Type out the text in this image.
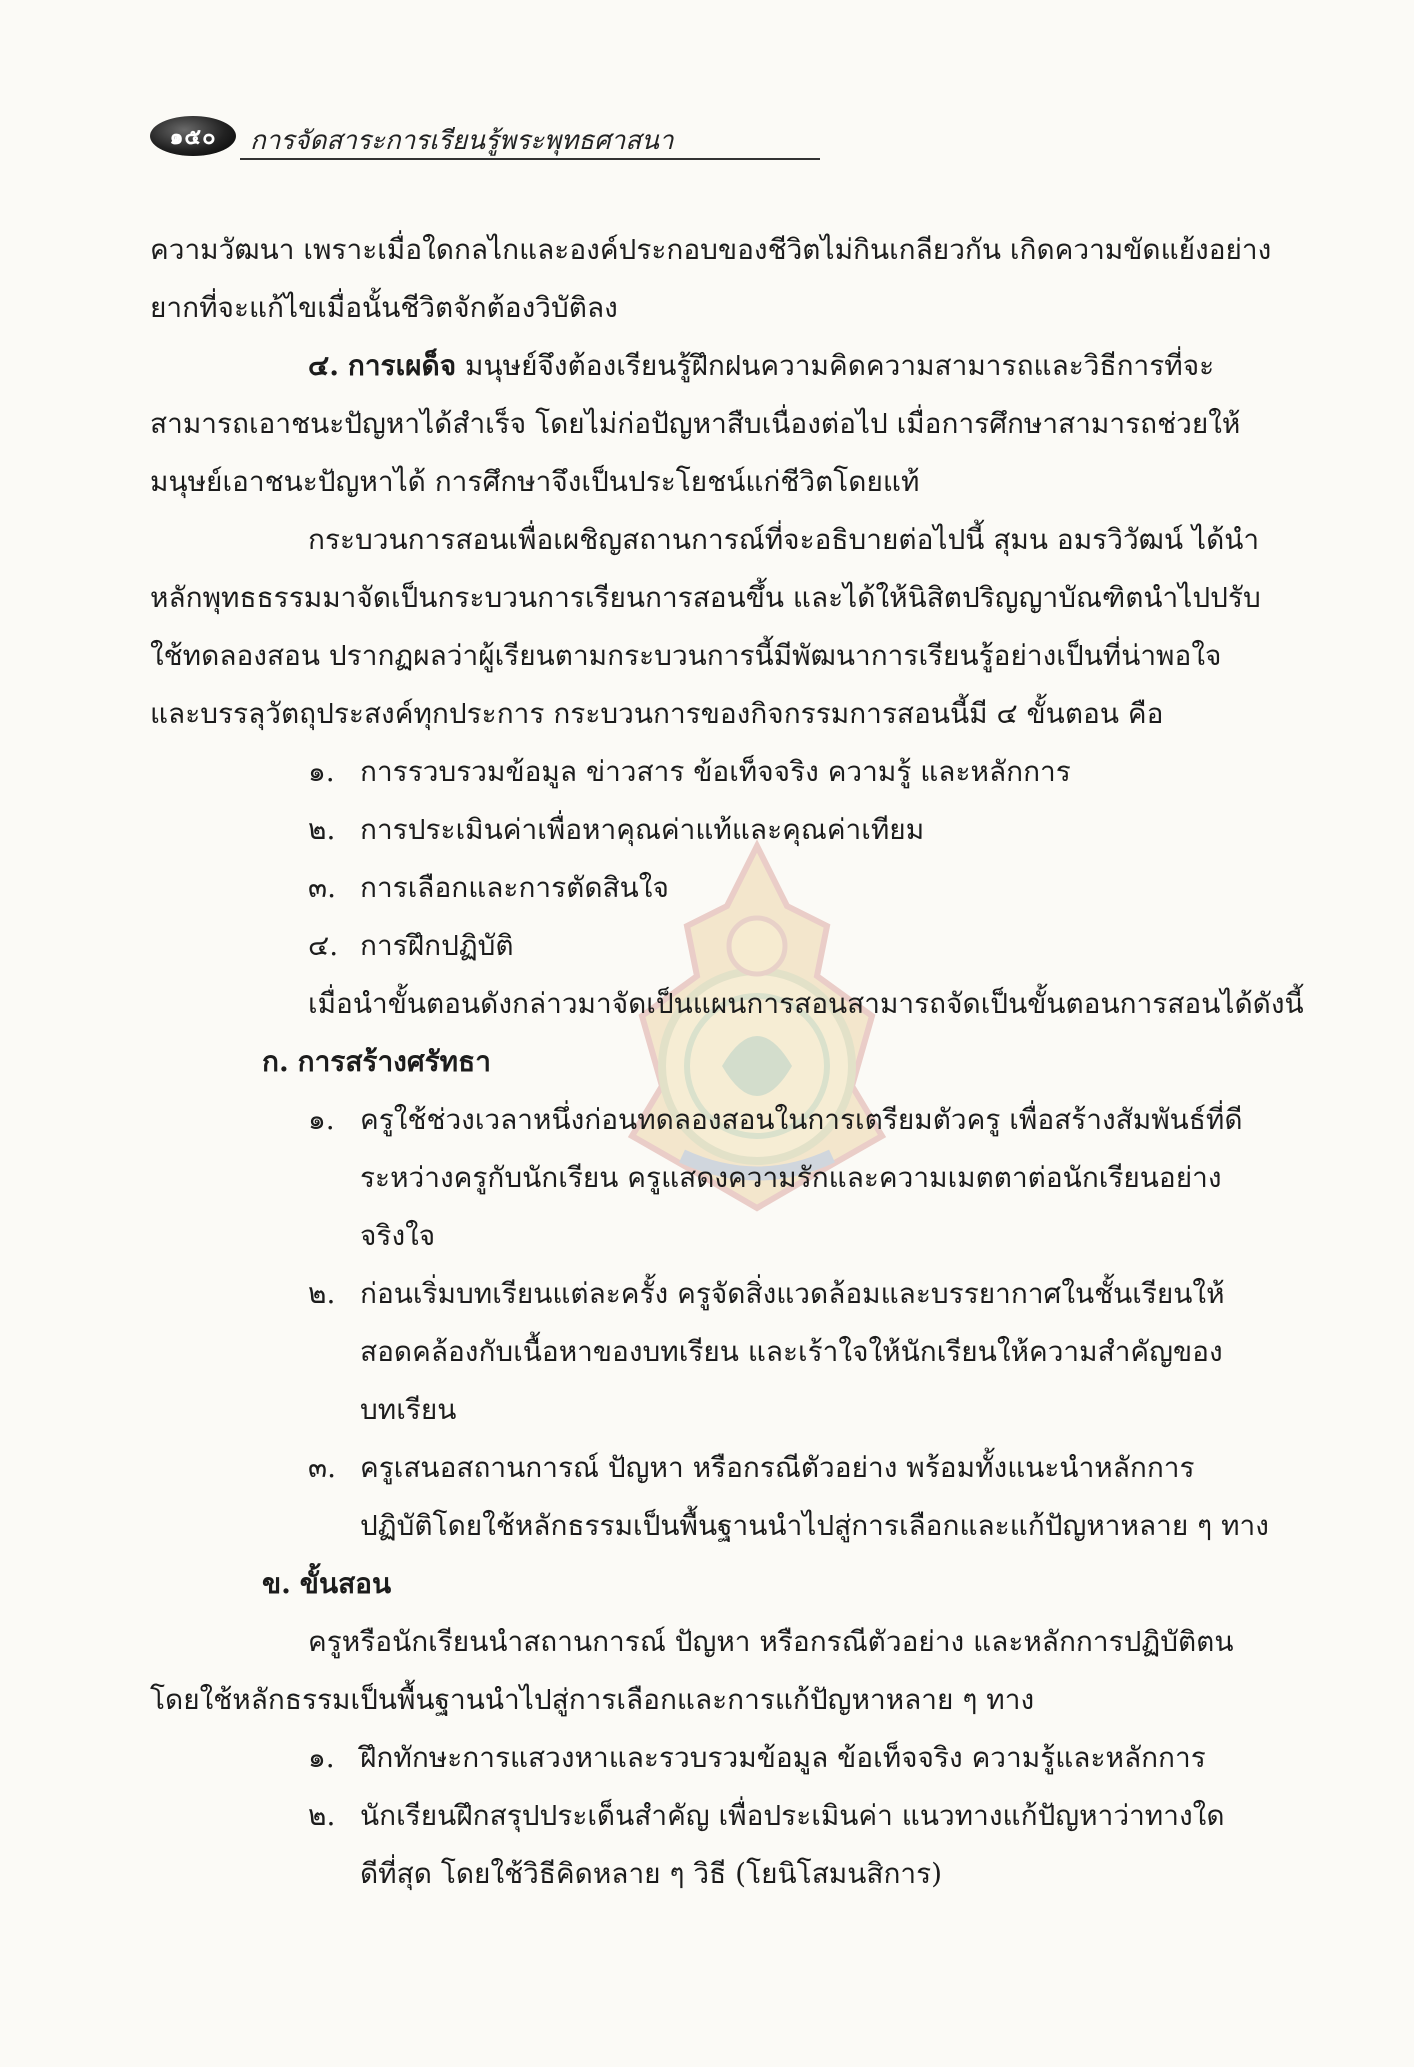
๑๕๐	การจัดสาระการเรียนรู้พระพุทธศาสนา
ความวัฒนา เพราะเมื่อใดกลไกและองค์ประกอบของชีวิตไม่กินเกลียวกัน เกิดความขัดแย้งอย่าง
ยากที่จะแก้ไขเมื่อนั้นชีวิตจักต้องวิบัติลง
๔. การเผด็จ มนุษย์จึงต้องเรียนรู้ฝึกฝนความคิดความสามารถและวิธีการที่จะ
สามารถเอาชนะปัญหาได้สำเร็จ โดยไม่ก่อปัญหาสืบเนื่องต่อไป เมื่อการศึกษาสามารถช่วยให้
มนุษย์เอาชนะปัญหาได้ การศึกษาจึงเป็นประโยชน์แก่ชีวิตโดยแท้
กระบวนการสอนเพื่อเผชิญสถานการณ์ที่จะอธิบายต่อไปนี้ สุมน อมรวิวัฒน์ ได้นำ
หลักพุทธธรรมมาจัดเป็นกระบวนการเรียนการสอนขึ้น และได้ให้นิสิตปริญญาบัณฑิตนำไปปรับ
ใช้ทดลองสอน ปรากฏผลว่าผู้เรียนตามกระบวนการนี้มีพัฒนาการเรียนรู้อย่างเป็นที่น่าพอใจ
และบรรลุวัตถุประสงค์ทุกประการ กระบวนการของกิจกรรมการสอนนี้มี ๔ ขั้นตอน คือ
๑. การรวบรวมข้อมูล ข่าวสาร ข้อเท็จจริง ความรู้ และหลักการ
๒. การประเมินค่าเพื่อหาคุณค่าแท้และคุณค่าเทียม
๓. การเลือกและการตัดสินใจ
๔. การฝึกปฏิบัติ
เมื่อนำขั้นตอนดังกล่าวมาจัดเป็นแผนการสอนสามารถจัดเป็นขั้นตอนการสอนได้ดังนี้
ก. การสร้างศรัทธา
๑. ครูใช้ช่วงเวลาหนึ่งก่อนทดลองสอนในการเตรียมตัวครู เพื่อสร้างสัมพันธ์ที่ดี
ระหว่างครูกับนักเรียน ครูแสดงความรักและความเมตตาต่อนักเรียนอย่าง
จริงใจ
๒. ก่อนเริ่มบทเรียนแต่ละครั้ง ครูจัดสิ่งแวดล้อมและบรรยากาศในชั้นเรียนให้
สอดคล้องกับเนื้อหาของบทเรียน และเร้าใจให้นักเรียนให้ความสำคัญของ
บทเรียน
๓. ครูเสนอสถานการณ์ ปัญหา หรือกรณีตัวอย่าง พร้อมทั้งแนะนำหลักการ
ปฏิบัติโดยใช้หลักธรรมเป็นพื้นฐานนำไปสู่การเลือกและแก้ปัญหาหลาย ๆ ทาง
ข. ขั้นสอน
ครูหรือนักเรียนนำสถานการณ์ ปัญหา หรือกรณีตัวอย่าง และหลักการปฏิบัติตน
โดยใช้หลักธรรมเป็นพื้นฐานนำไปสู่การเลือกและการแก้ปัญหาหลาย ๆ ทาง
๑. ฝึกทักษะการแสวงหาและรวบรวมข้อมูล ข้อเท็จจริง ความรู้และหลักการ
๒. นักเรียนฝึกสรุปประเด็นสำคัญ เพื่อประเมินค่า แนวทางแก้ปัญหาว่าทางใด
ดีที่สุด โดยใช้วิธีคิดหลาย ๆ วิธี (โยนิโสมนสิการ)
